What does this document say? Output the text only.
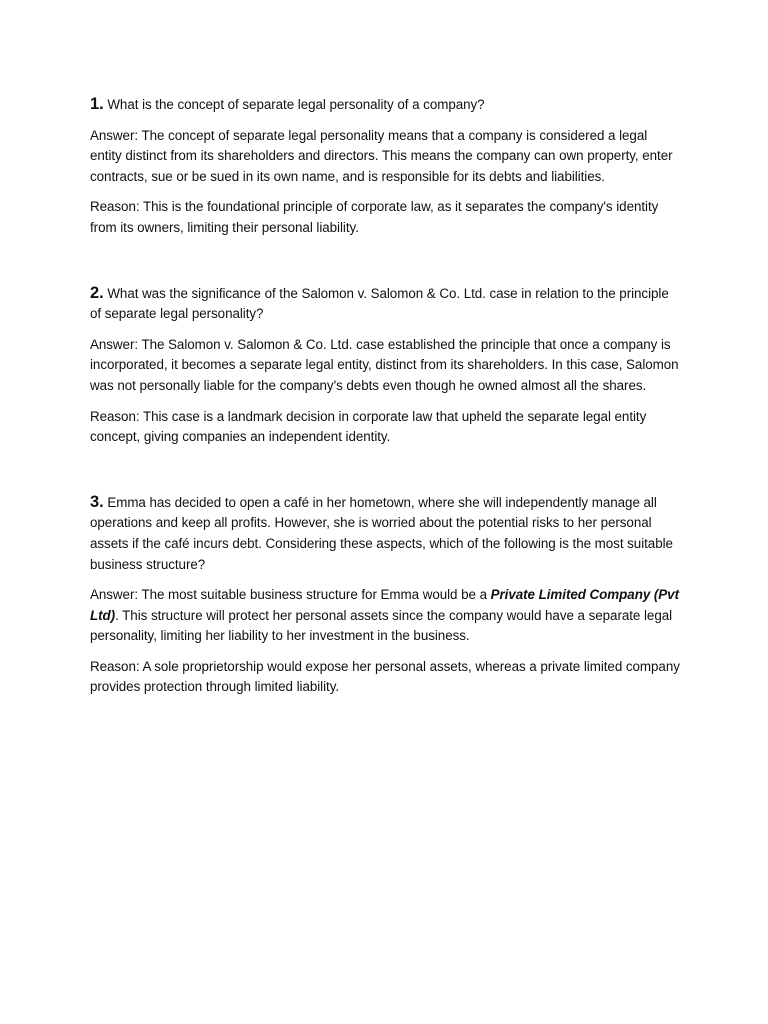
1. What is the concept of separate legal personality of a company?

Answer: The concept of separate legal personality means that a company is considered a legal entity distinct from its shareholders and directors. This means the company can own property, enter contracts, sue or be sued in its own name, and is responsible for its debts and liabilities.

Reason: This is the foundational principle of corporate law, as it separates the company's identity from its owners, limiting their personal liability.

2. What was the significance of the Salomon v. Salomon & Co. Ltd. case in relation to the principle of separate legal personality?

Answer: The Salomon v. Salomon & Co. Ltd. case established the principle that once a company is incorporated, it becomes a separate legal entity, distinct from its shareholders. In this case, Salomon was not personally liable for the company's debts even though he owned almost all the shares.

Reason: This case is a landmark decision in corporate law that upheld the separate legal entity concept, giving companies an independent identity.

3. Emma has decided to open a café in her hometown, where she will independently manage all operations and keep all profits. However, she is worried about the potential risks to her personal assets if the café incurs debt. Considering these aspects, which of the following is the most suitable business structure?

Answer: The most suitable business structure for Emma would be a Private Limited Company (Pvt Ltd). This structure will protect her personal assets since the company would have a separate legal personality, limiting her liability to her investment in the business.

Reason: A sole proprietorship would expose her personal assets, whereas a private limited company provides protection through limited liability.
